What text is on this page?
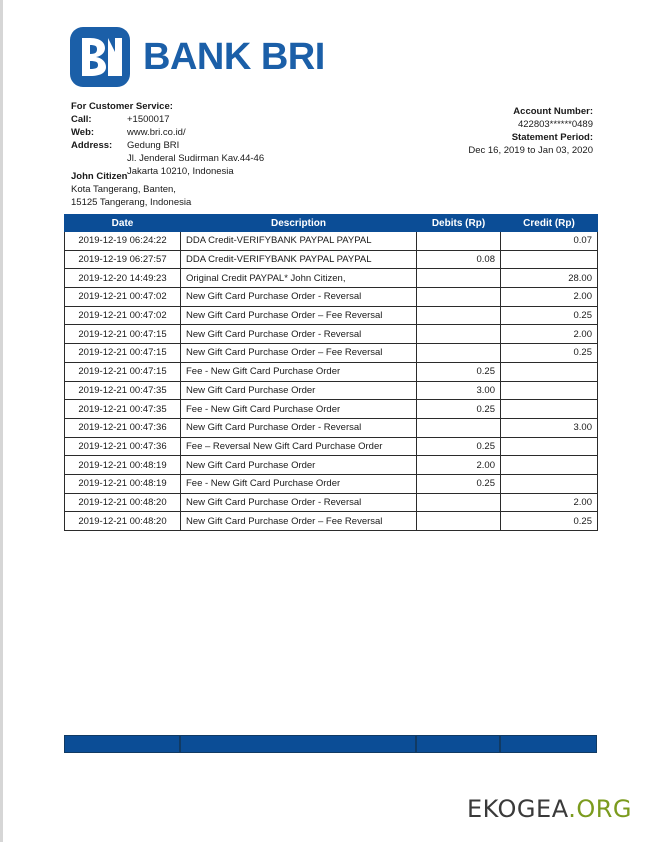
BANK BRI
For Customer Service:
Call:	+1500017
Web:	www.bri.co.id/
Address:	Gedung BRI
	Jl. Jenderal Sudirman Kav.44-46
	Jakarta 10210, Indonesia
Account Number:
422803******0489
Statement Period:
Dec 16, 2019 to Jan 03, 2020
John Citizen
Kota Tangerang, Banten,
15125 Tangerang, Indonesia
Date	Description	Debits (Rp)	Credit (Rp)
2019-12-19 06:24:22	DDA Credit-VERIFYBANK PAYPAL PAYPAL		0.07
2019-12-19 06:27:57	DDA Credit-VERIFYBANK PAYPAL PAYPAL	0.08	
2019-12-20 14:49:23	Original Credit PAYPAL* John Citizen,		28.00
2019-12-21 00:47:02	New Gift Card Purchase Order - Reversal		2.00
2019-12-21 00:47:02	New Gift Card Purchase Order – Fee Reversal		0.25
2019-12-21 00:47:15	New Gift Card Purchase Order - Reversal		2.00
2019-12-21 00:47:15	New Gift Card Purchase Order – Fee Reversal		0.25
2019-12-21 00:47:15	Fee - New Gift Card Purchase Order	0.25	
2019-12-21 00:47:35	New Gift Card Purchase Order	3.00	
2019-12-21 00:47:35	Fee - New Gift Card Purchase Order	0.25	
2019-12-21 00:47:36	New Gift Card Purchase Order - Reversal		3.00
2019-12-21 00:47:36	Fee – Reversal New Gift Card Purchase Order	0.25	
2019-12-21 00:48:19	New Gift Card Purchase Order	2.00	
2019-12-21 00:48:19	Fee - New Gift Card Purchase Order	0.25	
2019-12-21 00:48:20	New Gift Card Purchase Order - Reversal		2.00
2019-12-21 00:48:20	New Gift Card Purchase Order – Fee Reversal		0.25
EKOGEA.ORG
